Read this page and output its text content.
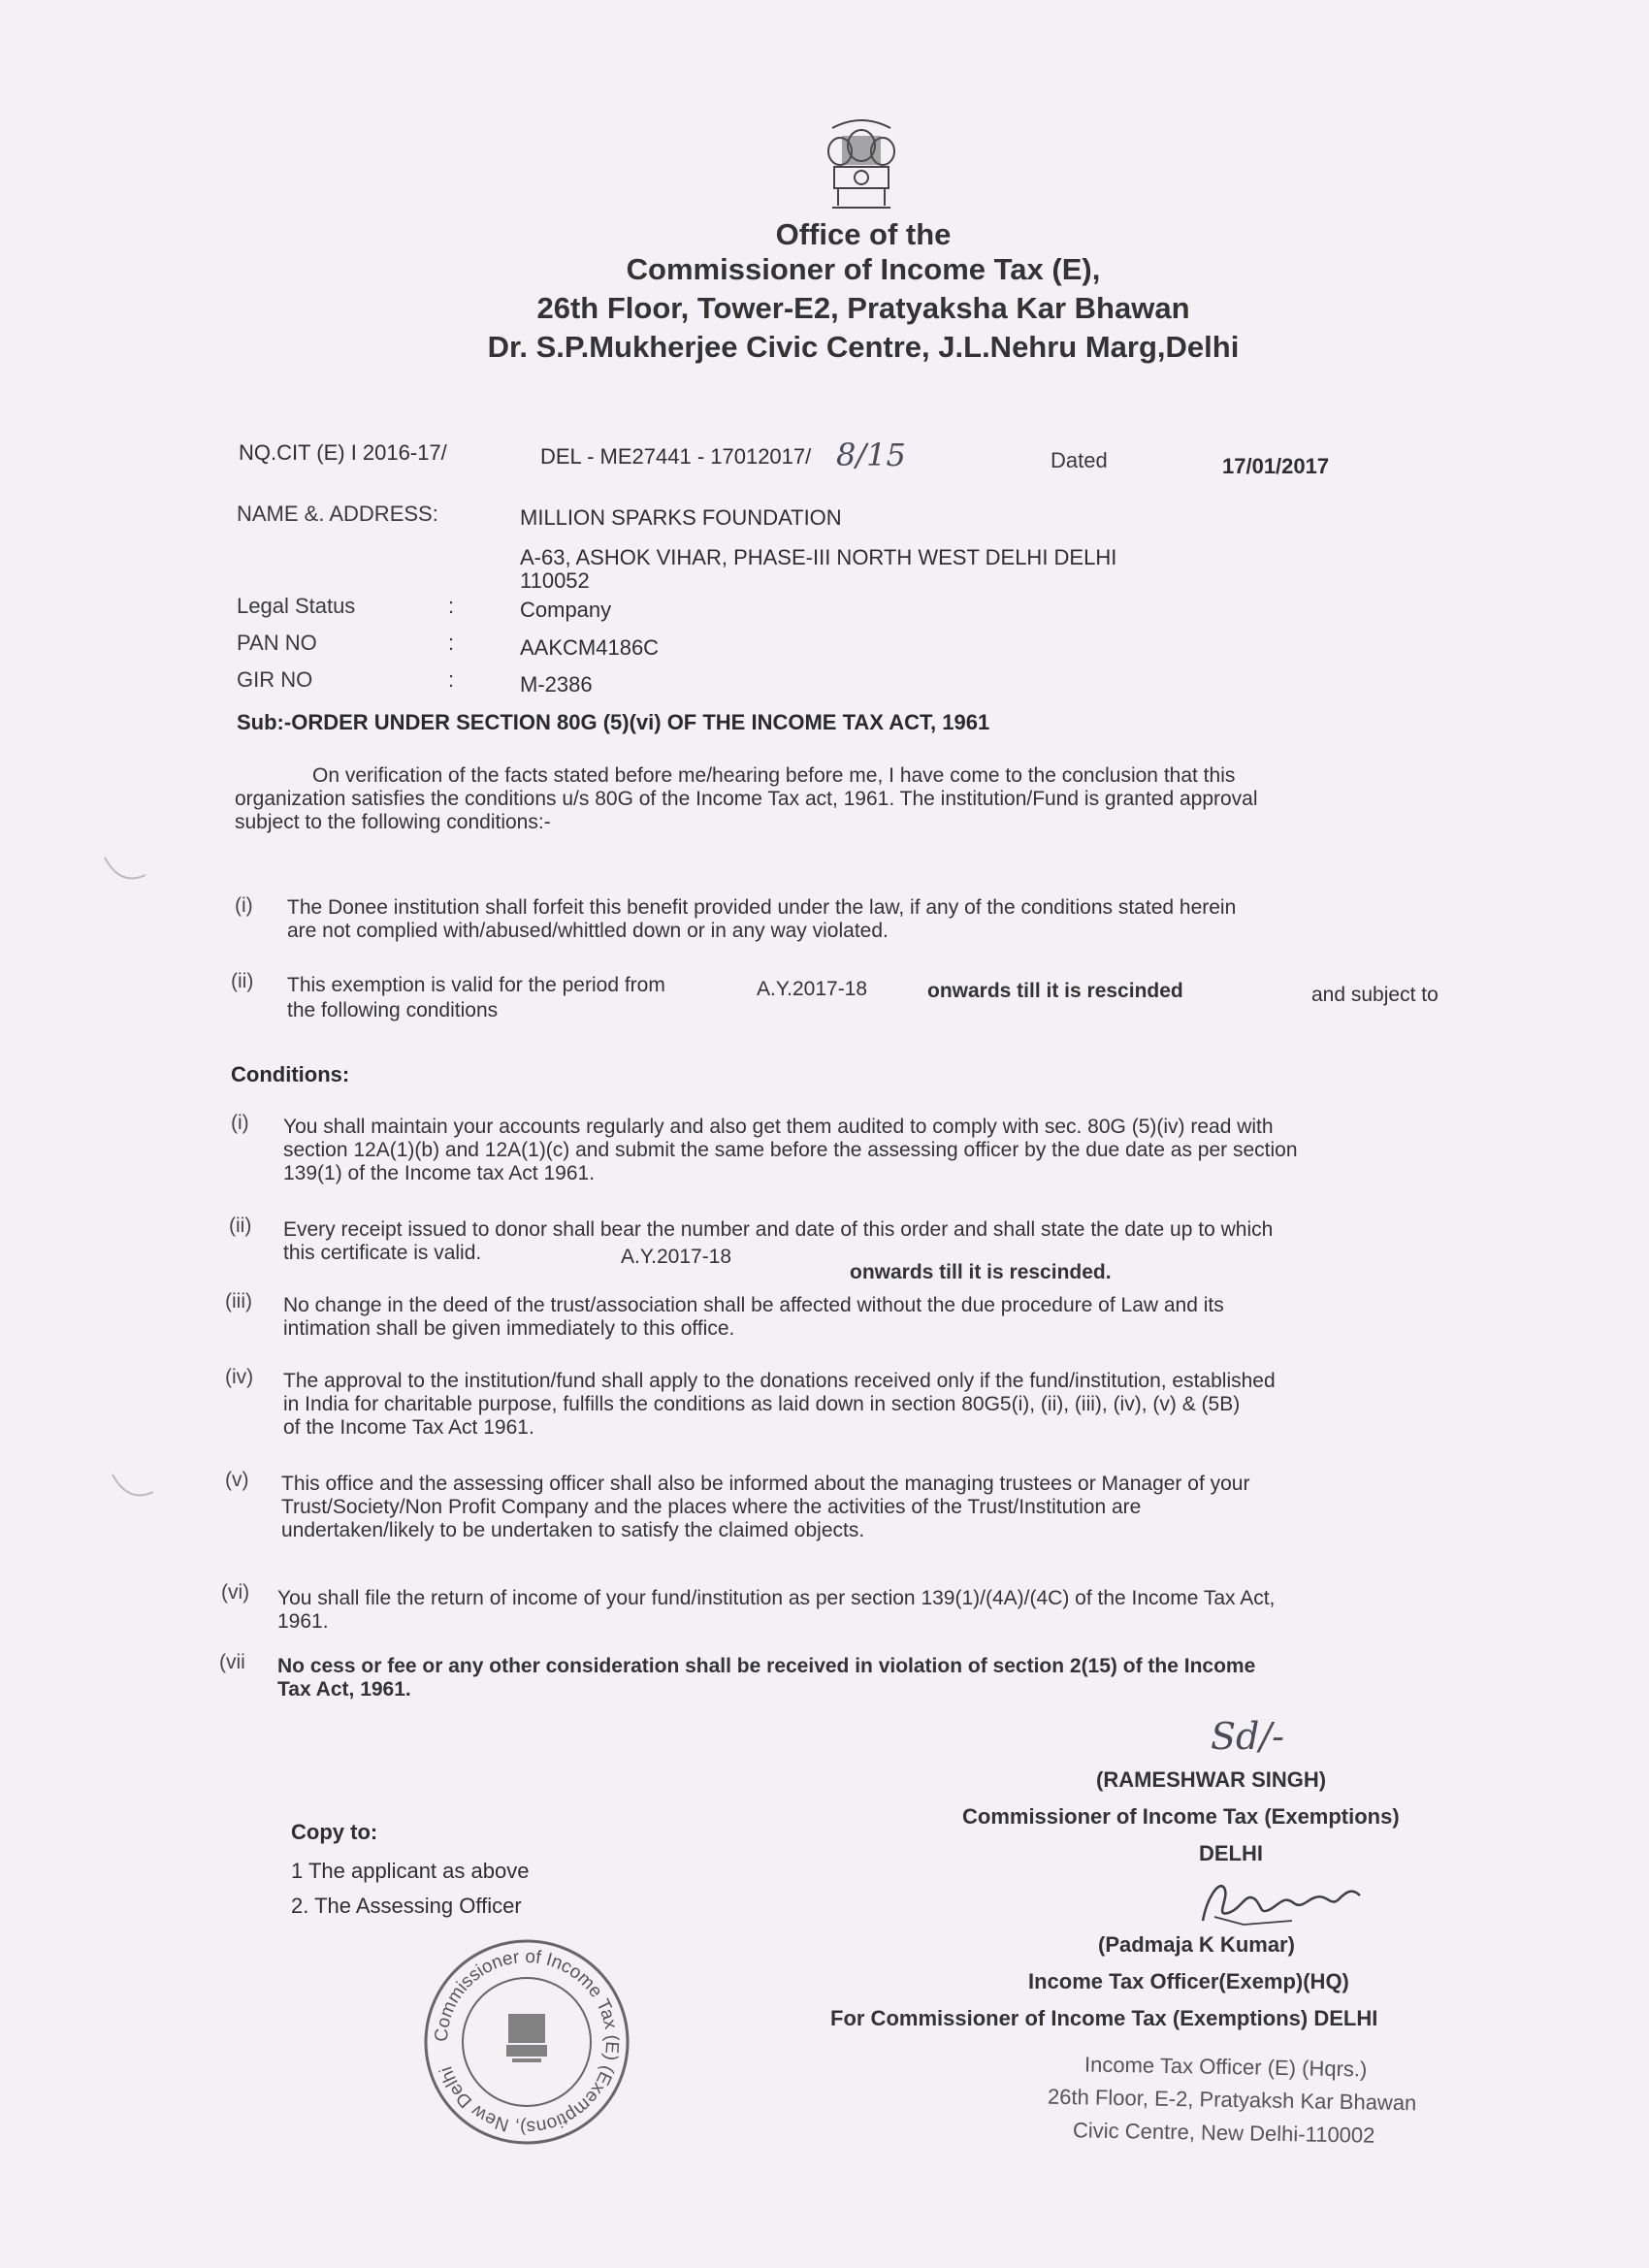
Office of the
Commissioner of Income Tax (E),
26th Floor, Tower-E2, Pratyaksha Kar Bhawan
Dr. S.P.Mukherjee Civic Centre, J.L.Nehru Marg,Delhi
NQ.CIT (E) I 2016-17/	DEL - ME27441 - 17012017/ 8/15	Dated	17/01/2017
NAME &. ADDRESS:	MILLION SPARKS FOUNDATION
A-63, ASHOK VIHAR, PHASE-III NORTH WEST DELHI DELHI
110052
Legal Status	:	Company
PAN NO	:	AAKCM4186C
GIR NO	:	M-2386
Sub:-ORDER UNDER SECTION 80G (5)(vi) OF THE INCOME TAX ACT, 1961
On verification of the facts stated before me/hearing before me, I have come to the conclusion that this
organization satisfies the conditions u/s 80G of the Income Tax act, 1961. The institution/Fund is granted approval
subject to the following conditions:-
(i) The Donee institution shall forfeit this benefit provided under the law, if any of the conditions stated herein
are not complied with/abused/whittled down or in any way violated.
(ii) This exemption is valid for the period from	A.Y.2017-18	onwards till it is rescinded	and subject to
the following conditions
Conditions:
(i) You shall maintain your accounts regularly and also get them audited to comply with sec. 80G (5)(iv) read with
section 12A(1)(b) and 12A(1)(c) and submit the same before the assessing officer by the due date as per section
139(1) of the Income tax Act 1961.
(ii) Every receipt issued to donor shall bear the number and date of this order and shall state the date up to which
this certificate is valid.	A.Y.2017-18
onwards till it is rescinded.
(iii) No change in the deed of the trust/association shall be affected without the due procedure of Law and its
intimation shall be given immediately to this office.
(iv) The approval to the institution/fund shall apply to the donations received only if the fund/institution, established
in India for charitable purpose, fulfills the conditions as laid down in section 80G5(i), (ii), (iii), (iv), (v) & (5B)
of the Income Tax Act 1961.
(v) This office and the assessing officer shall also be informed about the managing trustees or Manager of your
Trust/Society/Non Profit Company and the places where the activities of the Trust/Institution are
undertaken/likely to be undertaken to satisfy the claimed objects.
(vi) You shall file the return of income of your fund/institution as per section 139(1)/(4A)/(4C) of the Income Tax Act,
1961.
(vii No cess or fee or any other consideration shall be received in violation of section 2(15) of the Income
Tax Act, 1961.
Sd/-
(RAMESHWAR SINGH)
Commissioner of Income Tax (Exemptions)
DELHI
(Padmaja K Kumar)
Income Tax Officer(Exemp)(HQ)
For Commissioner of Income Tax (Exemptions) DELHI
Copy to:
1 The applicant as above
2. The Assessing Officer
Commissioner of Income Tax (E) (Exemptions), New Delhi	Income Tax Officer (E) (Hqrs.)
26th Floor, E-2, Pratyaksh Kar Bhawan
Civic Centre, New Delhi-110002
